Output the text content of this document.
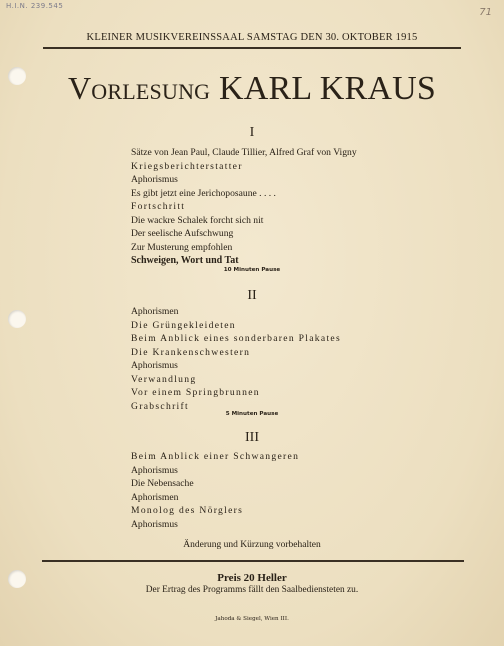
H.I.N. 239.545
71
KLEINER MUSIKVEREINSSAAL SAMSTAG DEN 30. OKTOBER 1915
Vorlesung KARL KRAUS
I
Sätze von Jean Paul, Claude Tillier, Alfred Graf von Vigny
Kriegsberichterstatter
Aphorismus
Es gibt jetzt eine Jerichoposaune . . . .
Fortschritt
Die wackre Schalek forcht sich nit
Der seelische Aufschwung
Zur Musterung empfohlen
Schweigen, Wort und Tat
10 Minuten Pause
II
Aphorismen
Die Grüngekleideten
Beim Anblick eines sonderbaren Plakates
Die Krankenschwestern
Aphorismus
Verwandlung
Vor einem Springbrunnen
Grabschrift
5 Minuten Pause
III
Beim Anblick einer Schwangeren
Aphorismus
Die Nebensache
Aphorismen
Monolog des Nörglers
Aphorismus
Änderung und Kürzung vorbehalten
Preis 20 Heller
Der Ertrag des Programms fällt den Saalbediensteten zu.
Jahoda & Siegel, Wien III.
